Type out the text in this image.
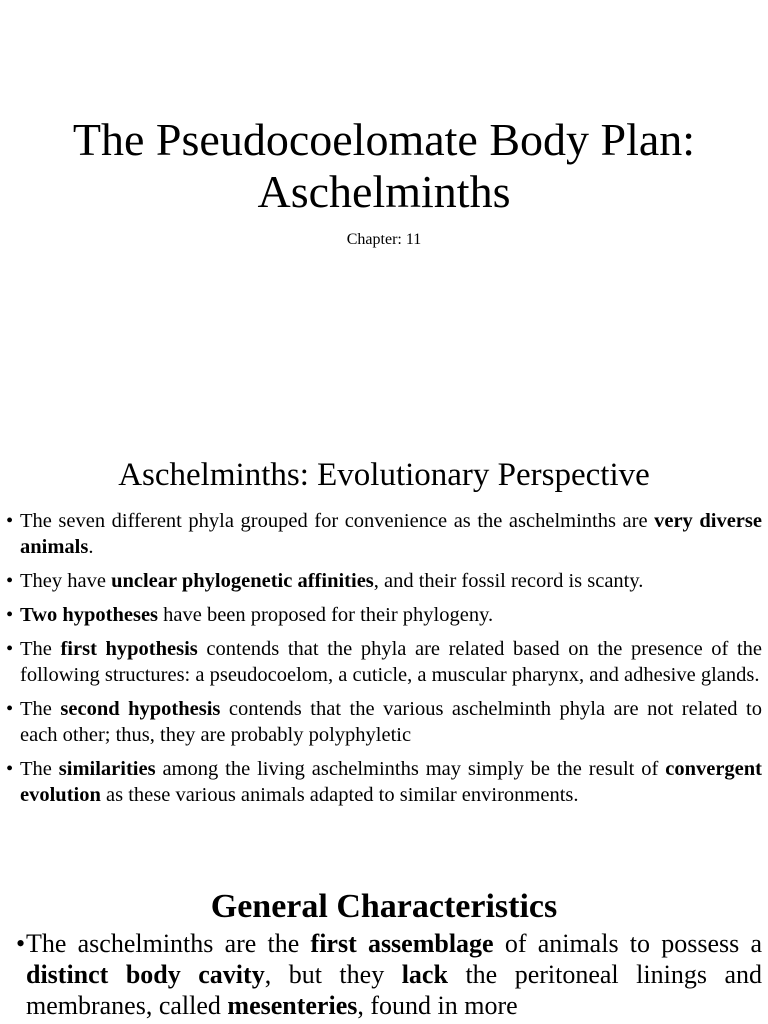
The Pseudocoelomate Body Plan: Aschelminths
Chapter: 11
Aschelminths: Evolutionary Perspective
• The seven different phyla grouped for convenience as the aschelminths are very diverse animals.
• They have unclear phylogenetic affinities, and their fossil record is scanty.
• Two hypotheses have been proposed for their phylogeny.
• The first hypothesis contends that the phyla are related based on the presence of the following structures: a pseudocoelom, a cuticle, a muscular pharynx, and adhesive glands.
• The second hypothesis contends that the various aschelminth phyla are not related to each other; thus, they are probably polyphyletic
• The similarities among the living aschelminths may simply be the result of convergent evolution as these various animals adapted to similar environments.
General Characteristics

• The aschelminths are the first assemblage of animals to possess a distinct body cavity, but they lack the peritoneal linings and membranes, called mesenteries, found in more
